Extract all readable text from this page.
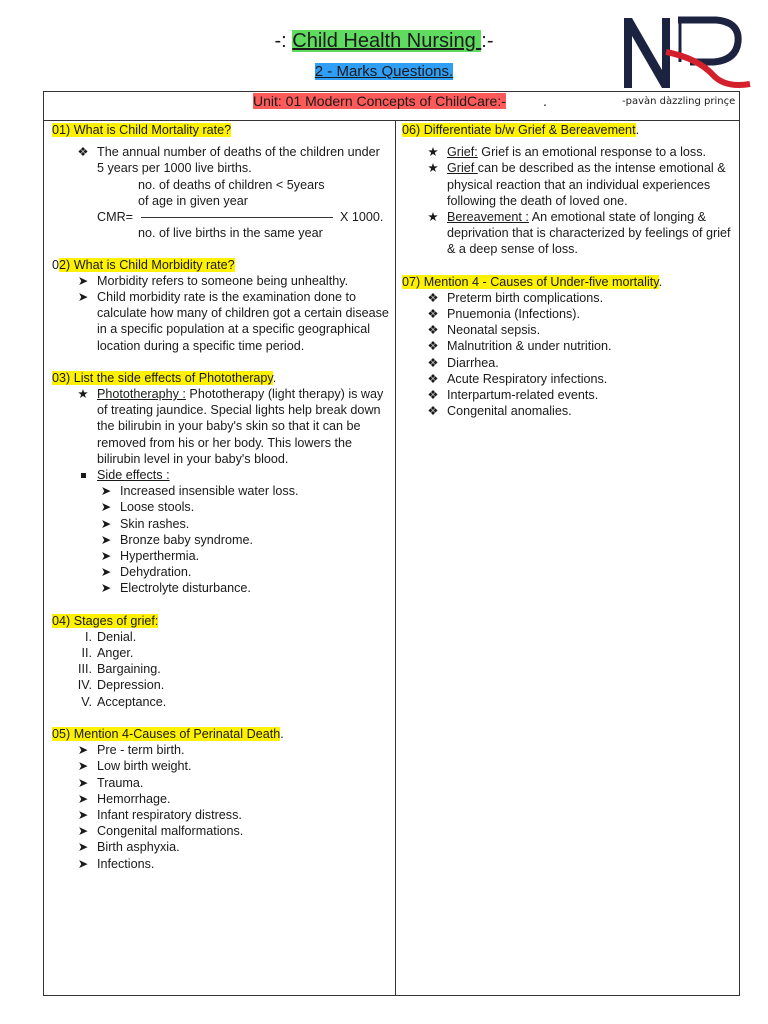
-: Child Health Nursing :-
2 - Marks Questions.
Unit: 01 Modern Concepts of ChildCare:-	.	-pavàn dàzzling prinçe
01) What is Child Mortality rate?
❖ The annual number of deaths of the children under 5 years per 1000 live births.
no. of deaths of children < 5years
of age in given year
CMR=	X 1000.
no. of live births in the same year
02) What is Child Morbidity rate?
➤ Morbidity refers to someone being unhealthy.
➤ Child morbidity rate is the examination done to calculate how many of children got a certain disease in a specific population at a specific geographical location during a specific time period.
03) List the side effects of Phototherapy.
★ Phototheraphy : Phototherapy (light therapy) is way of treating jaundice. Special lights help break down the bilirubin in your baby's skin so that it can be removed from his or her body. This lowers the bilirubin level in your baby's blood.
Side effects :
➤ Increased insensible water loss.
➤ Loose stools.
➤ Skin rashes.
➤ Bronze baby syndrome.
➤ Hyperthermia.
➤ Dehydration.
➤ Electrolyte disturbance.
04) Stages of grief:
I. Denial.
II. Anger.
III. Bargaining.
IV. Depression.
V. Acceptance.
05) Mention 4-Causes of Perinatal Death.
➤ Pre - term birth.
➤ Low birth weight.
➤ Trauma.
➤ Hemorrhage.
➤ Infant respiratory distress.
➤ Congenital malformations.
➤ Birth asphyxia.
➤ Infections.
06) Differentiate b/w Grief & Bereavement.
★ Grief: Grief is an emotional response to a loss.
★ Grief can be described as the intense emotional & physical reaction that an individual experiences following the death of loved one.
★ Bereavement : An emotional state of longing & deprivation that is characterized by feelings of grief & a deep sense of loss.
07) Mention 4 - Causes of Under-five mortality.
❖ Preterm birth complications.
❖ Pnuemonia (Infections).
❖ Neonatal sepsis.
❖ Malnutrition & under nutrition.
❖ Diarrhea.
❖ Acute Respiratory infections.
❖ Interpartum-related events.
❖ Congenital anomalies.
